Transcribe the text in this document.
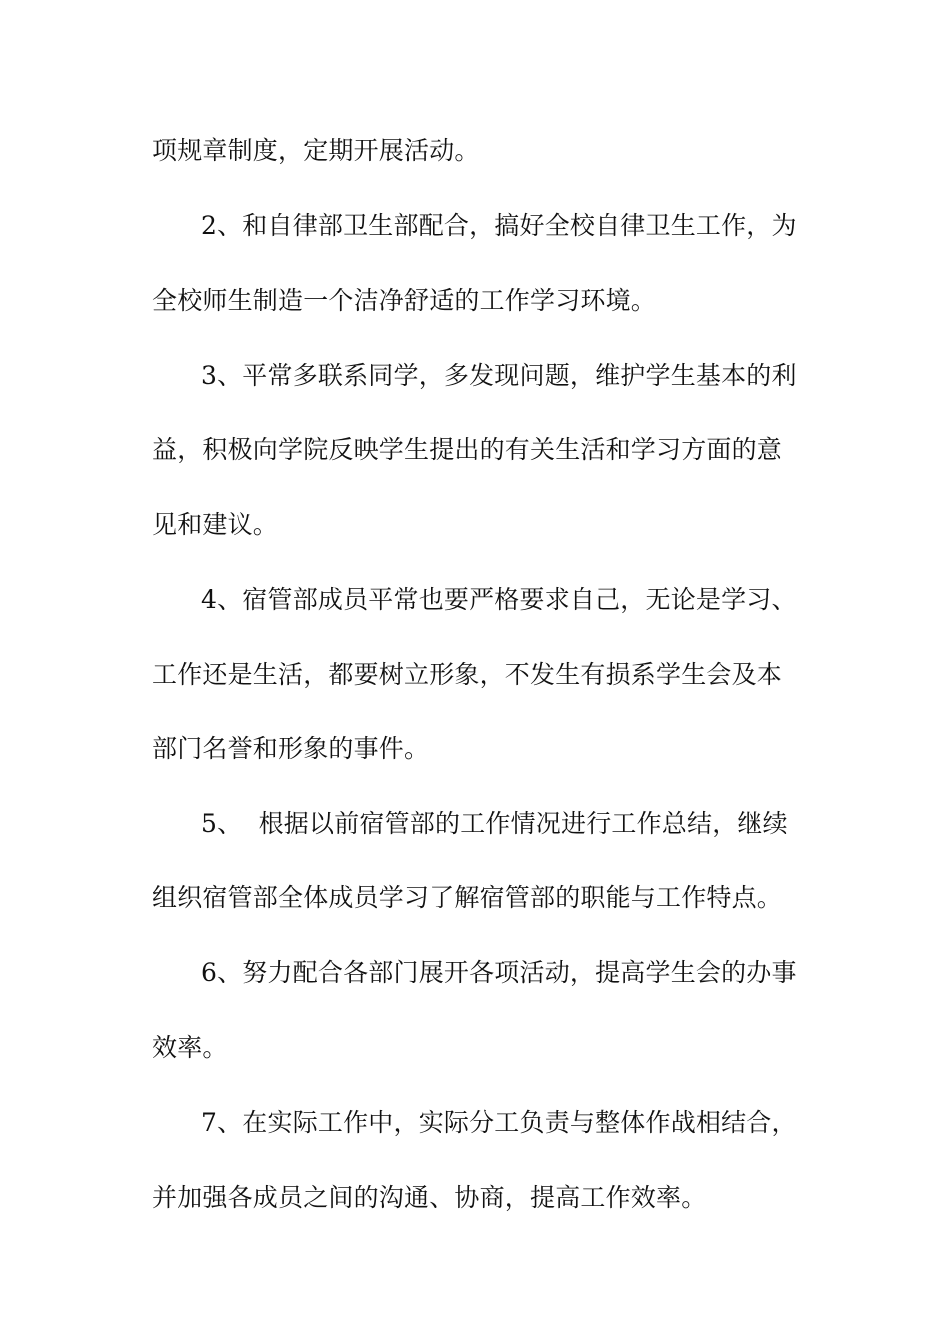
项规章制度，定期开展活动。
2、和自律部卫生部配合，搞好全校自律卫生工作，为
全校师生制造一个洁净舒适的工作学习环境。
3、平常多联系同学，多发现问题，维护学生基本的利
益，积极向学院反映学生提出的有关生活和学习方面的意
见和建议。
4、宿管部成员平常也要严格要求自己，无论是学习、
工作还是生活，都要树立形象，不发生有损系学生会及本
部门名誉和形象的事件。
5、  根据以前宿管部的工作情况进行工作总结，继续
组织宿管部全体成员学习了解宿管部的职能与工作特点。
6、努力配合各部门展开各项活动，提高学生会的办事
效率。
7、在实际工作中，实际分工负责与整体作战相结合，
并加强各成员之间的沟通、协商，提高工作效率。
